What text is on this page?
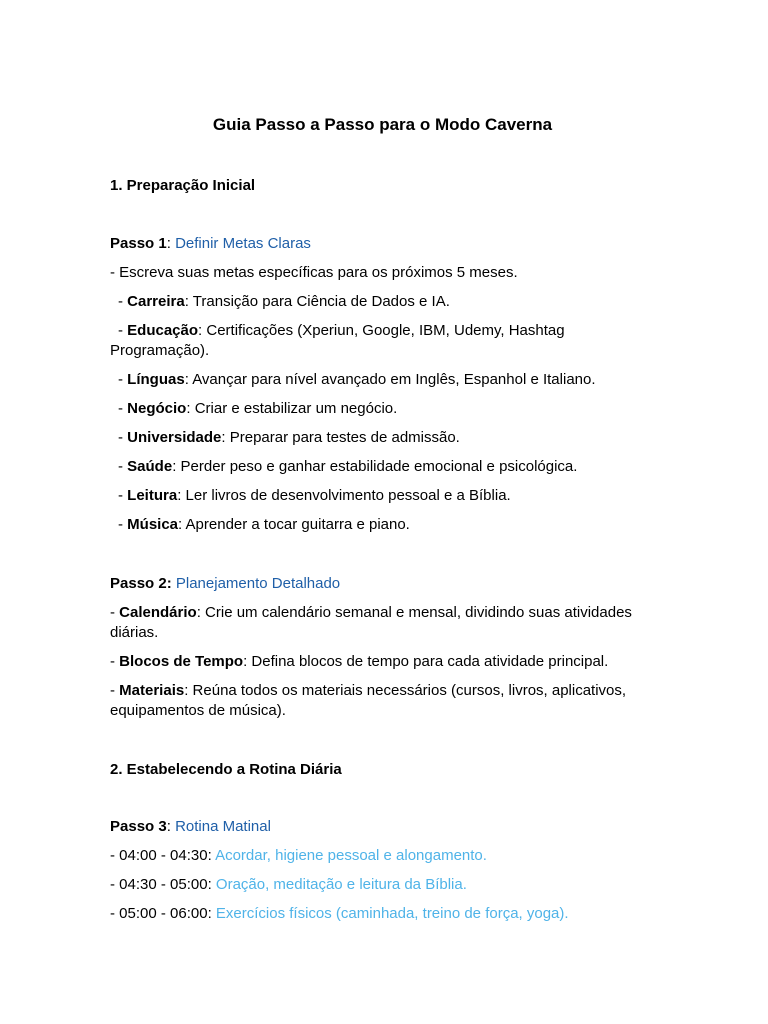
Guia Passo a Passo para o Modo Caverna
1. Preparação Inicial
Passo 1: Definir Metas Claras
- Escreva suas metas específicas para os próximos 5 meses.
- Carreira: Transição para Ciência de Dados e IA.
- Educação: Certificações (Xperiun, Google, IBM, Udemy, Hashtag Programação).
- Línguas: Avançar para nível avançado em Inglês, Espanhol e Italiano.
- Negócio: Criar e estabilizar um negócio.
- Universidade: Preparar para testes de admissão.
- Saúde: Perder peso e ganhar estabilidade emocional e psicológica.
- Leitura: Ler livros de desenvolvimento pessoal e a Bíblia.
- Música: Aprender a tocar guitarra e piano.
Passo 2: Planejamento Detalhado
- Calendário: Crie um calendário semanal e mensal, dividindo suas atividades diárias.
- Blocos de Tempo: Defina blocos de tempo para cada atividade principal.
- Materiais: Reúna todos os materiais necessários (cursos, livros, aplicativos, equipamentos de música).
2. Estabelecendo a Rotina Diária
Passo 3: Rotina Matinal
- 04:00 - 04:30: Acordar, higiene pessoal e alongamento.
- 04:30 - 05:00: Oração, meditação e leitura da Bíblia.
- 05:00 - 06:00: Exercícios físicos (caminhada, treino de força, yoga).
